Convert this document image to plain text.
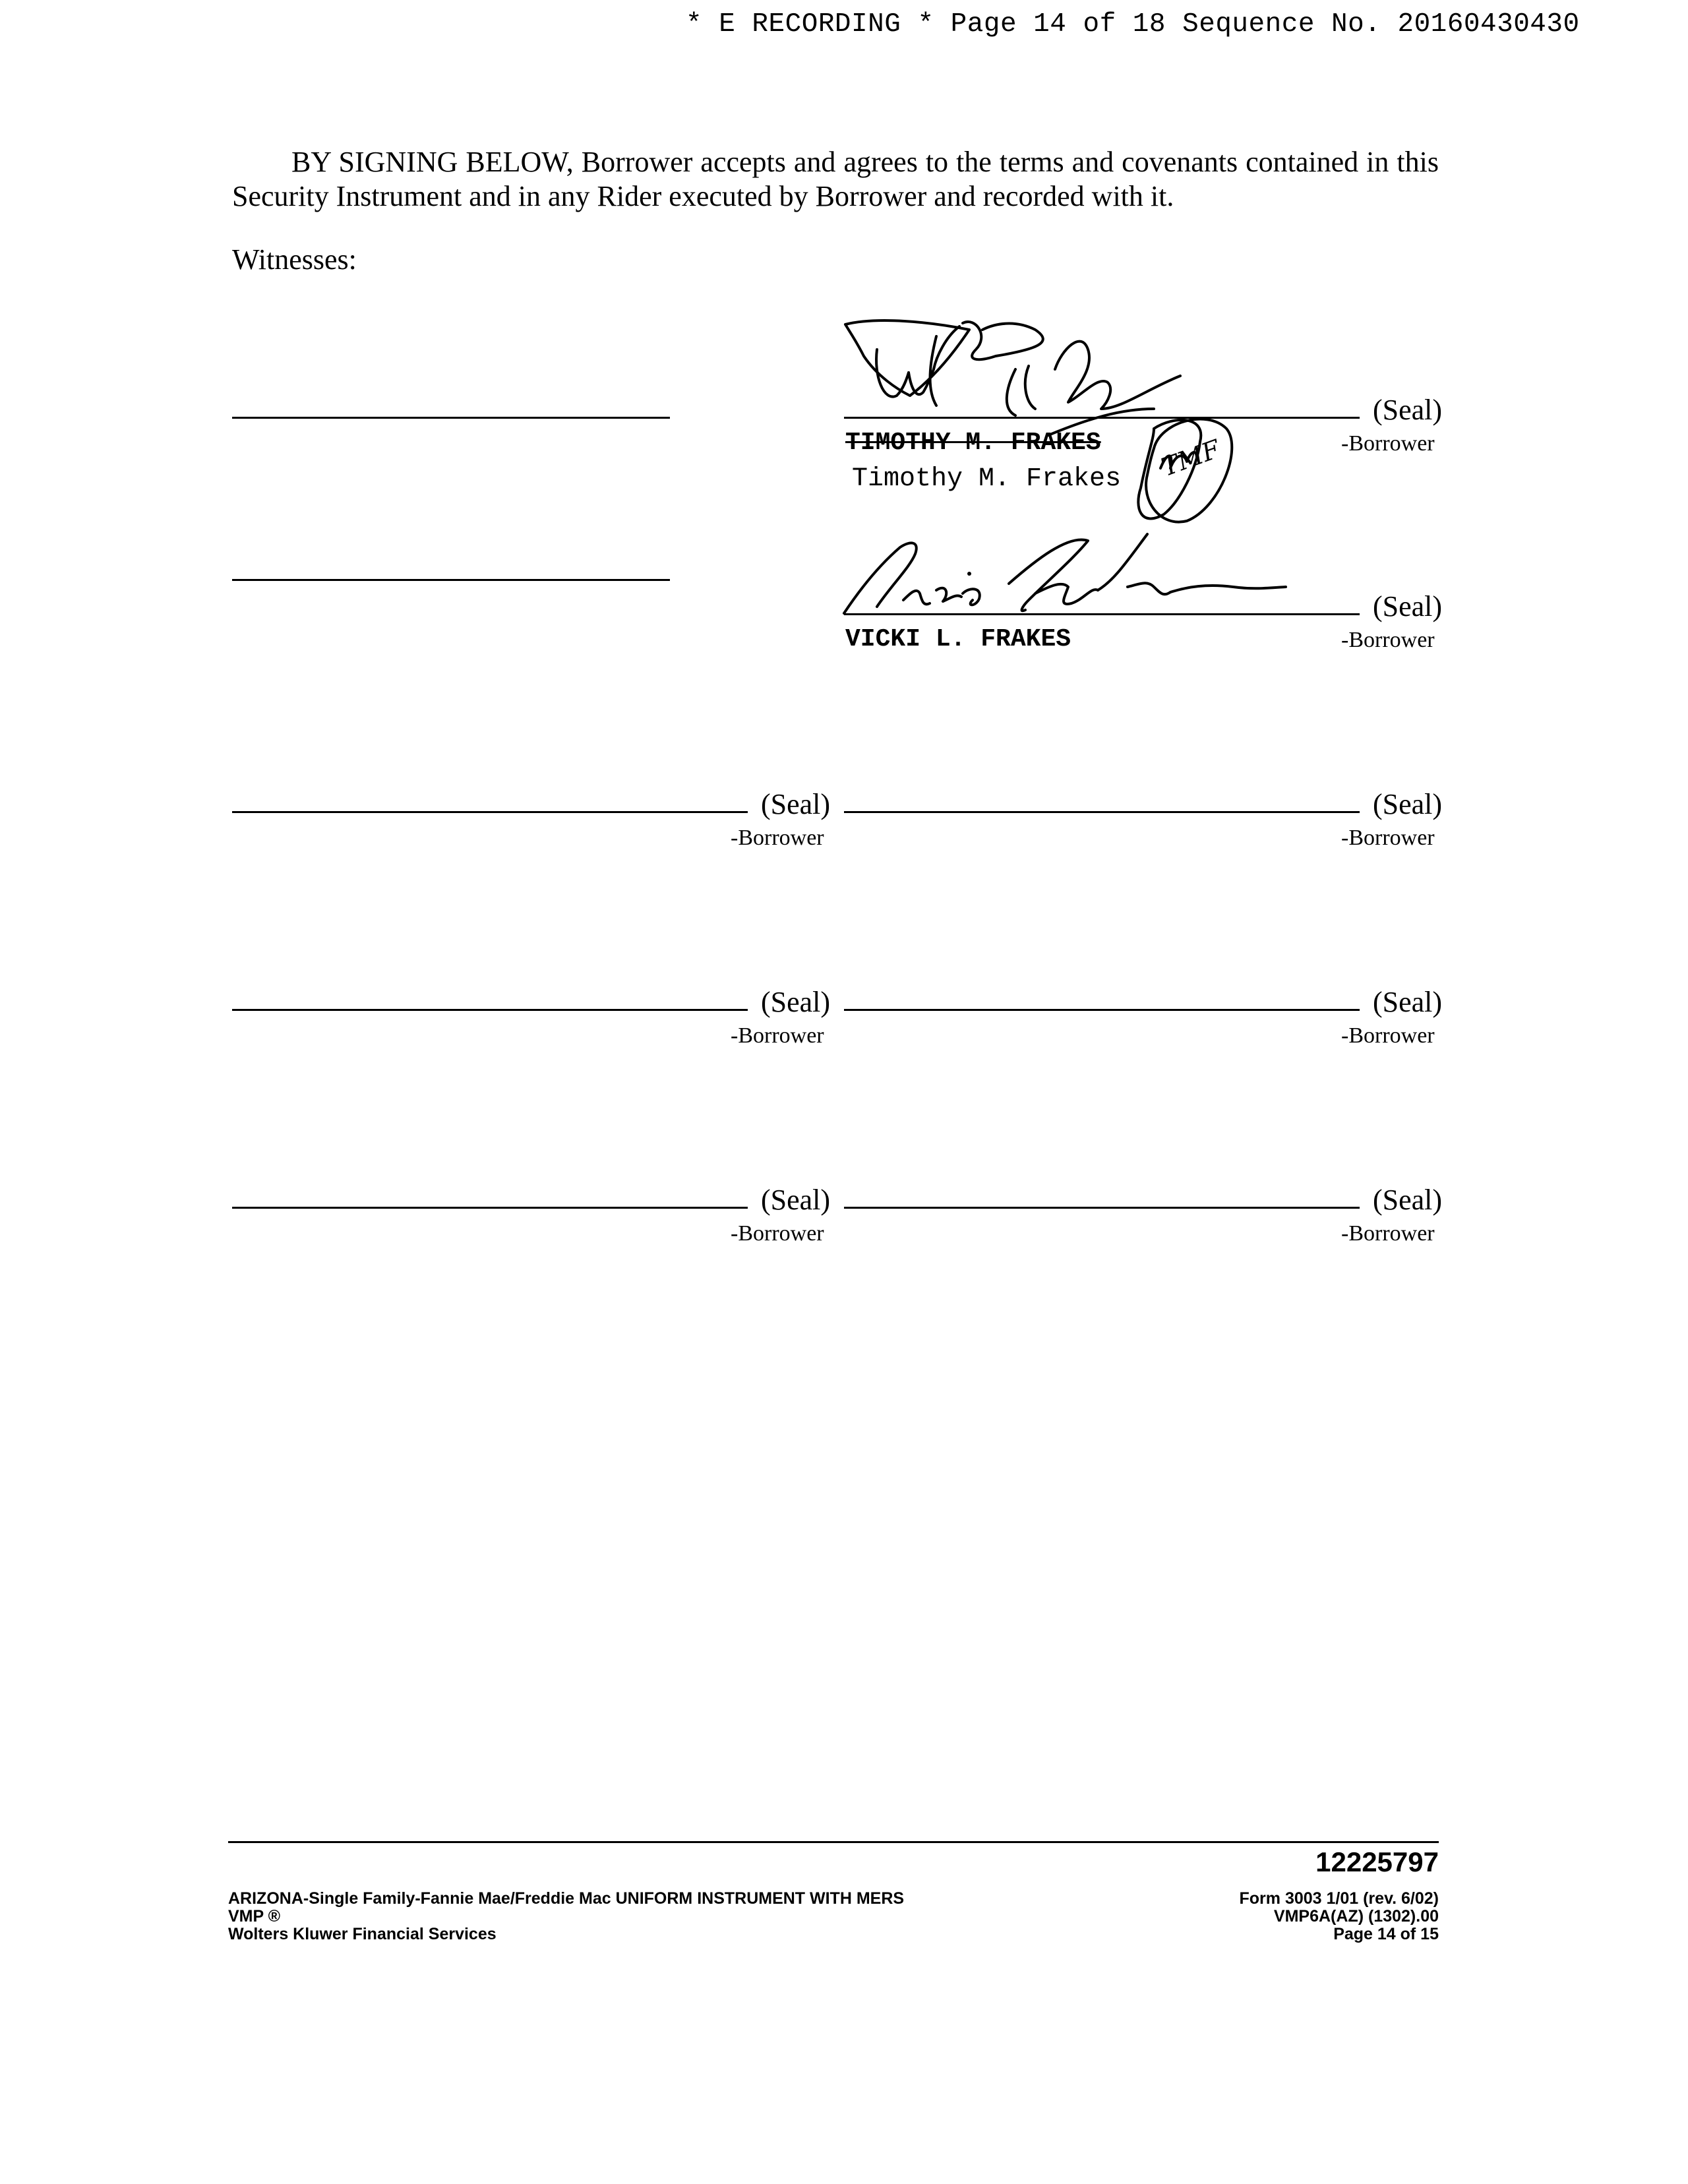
* E RECORDING * Page 14 of 18 Sequence No. 20160430430

BY SIGNING BELOW, Borrower accepts and agrees to the terms and covenants contained in this Security Instrument and in any Rider executed by Borrower and recorded with it.

Witnesses:
(Seal)
-Borrower
TIMOTHY M. FRAKES
Timothy M. Frakes
(Seal)
-Borrower
VICKI L. FRAKES
(Seal)
-Borrower
(Seal)
-Borrower
(Seal)
-Borrower
(Seal)
-Borrower
(Seal)
-Borrower
(Seal)
-Borrower
12225797
ARIZONA-Single Family-Fannie Mae/Freddie Mac UNIFORM INSTRUMENT WITH MERS
VMP ®
Wolters Kluwer Financial Services
Form 3003 1/01 (rev. 6/02)
VMP6A(AZ) (1302).00
Page 14 of 15
TMF
